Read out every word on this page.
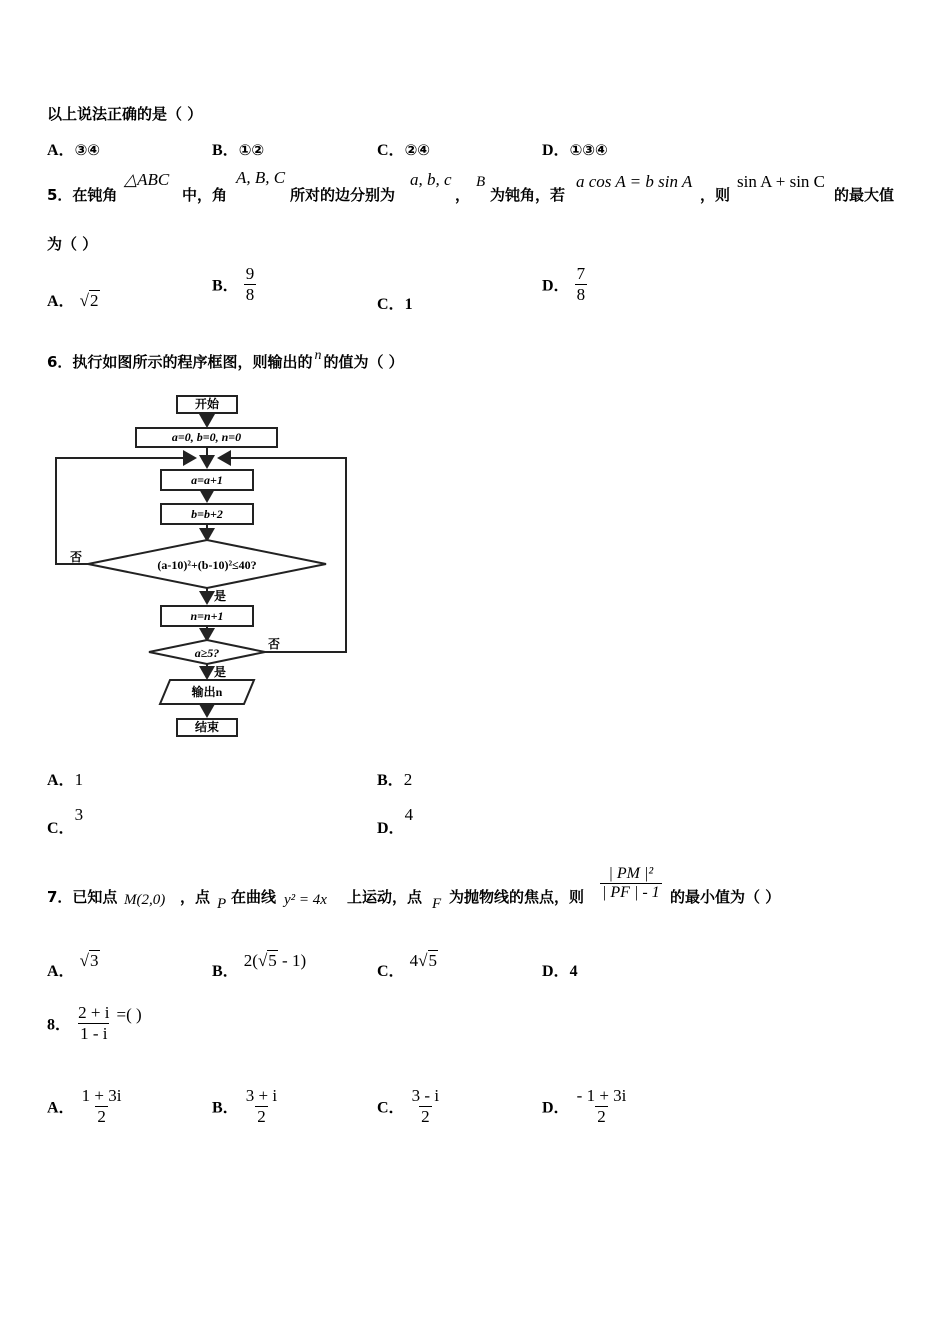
以上说法正确的是（ ）
A．③④	B．①②	C．②④	D．①③④
5．在钝角
△ABC
中，角
A, B, C
所对的边分别为
a, b, c
，
B
为钝角，若
a cos A = b sin A
，则
sin A + sin C
的最大值
为（ ）
A． √2
B． $\frac{9}{8}$
C．1
D． $\frac{7}{8}$
6．执行如图所示的程序框图，则输出的 n 的值为（ ）
(a-10)²+(b-10)²≤40?
a≥5?
输出n
否
否
是
是
开始
a=0, b=0, n=0
a=a+1
b=b+2
n=n+1
结束
A．1	B．2
C．3
D．4
7．已知点 M(2,0) ，点 P 在曲线 y² = 4x 上运动，点 F 为抛物线的焦点，则 $\frac{\text{| PM |²}}{| PF | - 1}$ 的最小值为（ ）
A． √3
B． 2(√5 - 1)
C． 4√5
D．4
8． $\frac{2 + i}{1 - i}$ =( )
A． $\frac{1 + 3i}{2}$	B． $\frac{3 + i}{2}$	C． $\frac{3 - i}{2}$	D． $\frac{- 1 + 3i}{2}$
